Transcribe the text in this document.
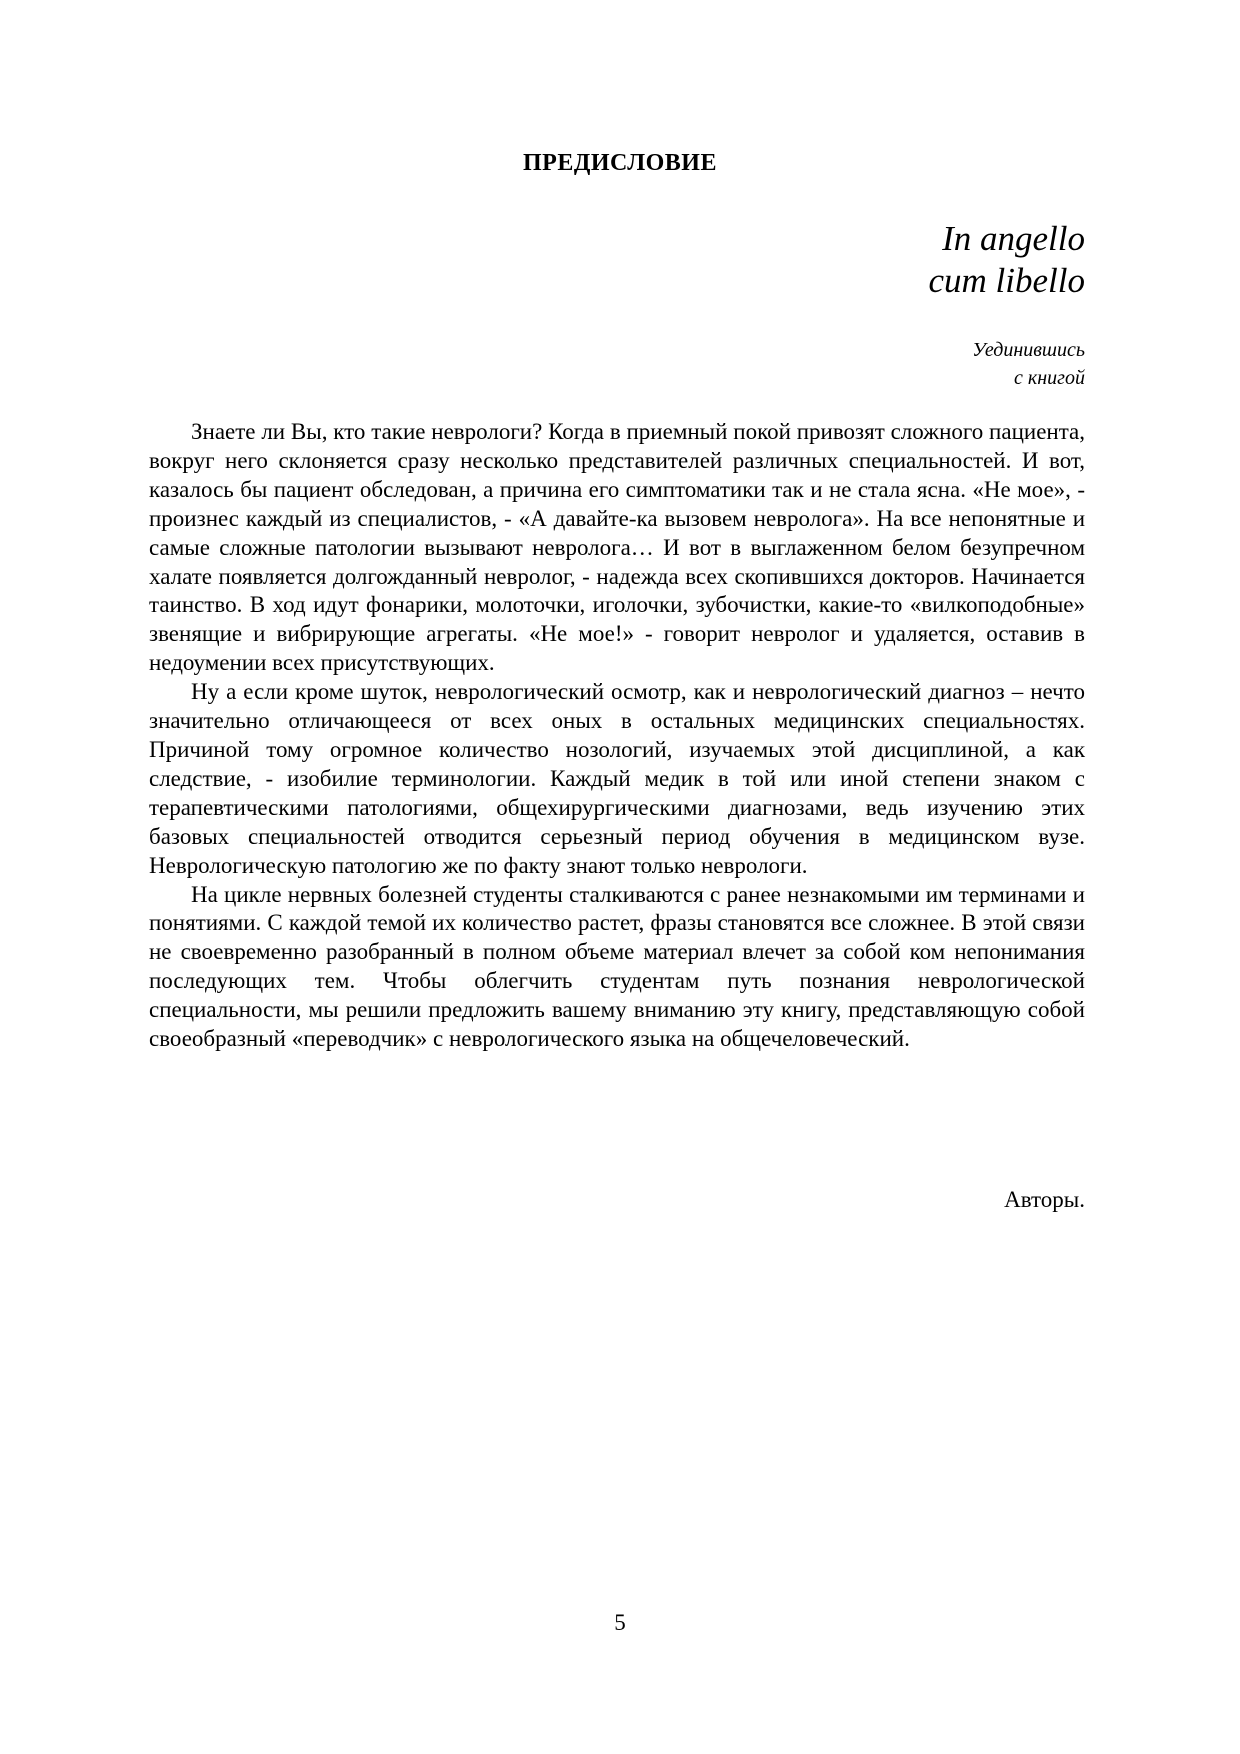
ПРЕДИСЛОВИЕ
In angello
cum libello
Уединившись
с книгой

Знаете ли Вы, кто такие неврологи? Когда в приемный покой привозят сложного пациента, вокруг него склоняется сразу несколько представителей различных специальностей. И вот, казалось бы пациент обследован, а причина его симптоматики так и не стала ясна. «Не мое», - произнес каждый из специалистов, - «А давайте-ка вызовем невролога». На все непонятные и самые сложные патологии вызывают невролога… И вот в выглаженном белом безупречном халате появляется долгожданный невролог, - надежда всех скопившихся докторов. Начинается таинство. В ход идут фонарики, молоточки, иголочки, зубочистки, какие-то «вилкоподобные» звенящие и вибрирующие агрегаты. «Не мое!» - говорит невролог и удаляется, оставив в недоумении всех присутствующих.

Ну а если кроме шуток, неврологический осмотр, как и неврологический диагноз – нечто значительно отличающееся от всех оных в остальных медицинских специальностях. Причиной тому огромное количество нозологий, изучаемых этой дисциплиной, а как следствие, - изобилие терминологии. Каждый медик в той или иной степени знаком с терапевтическими патологиями, общехирургическими диагнозами, ведь изучению этих базовых специальностей отводится серьезный период обучения в медицинском вузе. Неврологическую патологию же по факту знают только неврологи.

На цикле нервных болезней студенты сталкиваются с ранее незнакомыми им терминами и понятиями. С каждой темой их количество растет, фразы становятся все сложнее. В этой связи не своевременно разобранный в полном объеме материал влечет за собой ком непонимания последующих тем. Чтобы облегчить студентам путь познания неврологической специальности, мы решили предложить вашему вниманию эту книгу, представляющую собой своеобразный «переводчик» с неврологического языка на общечеловеческий.

Авторы.
5
